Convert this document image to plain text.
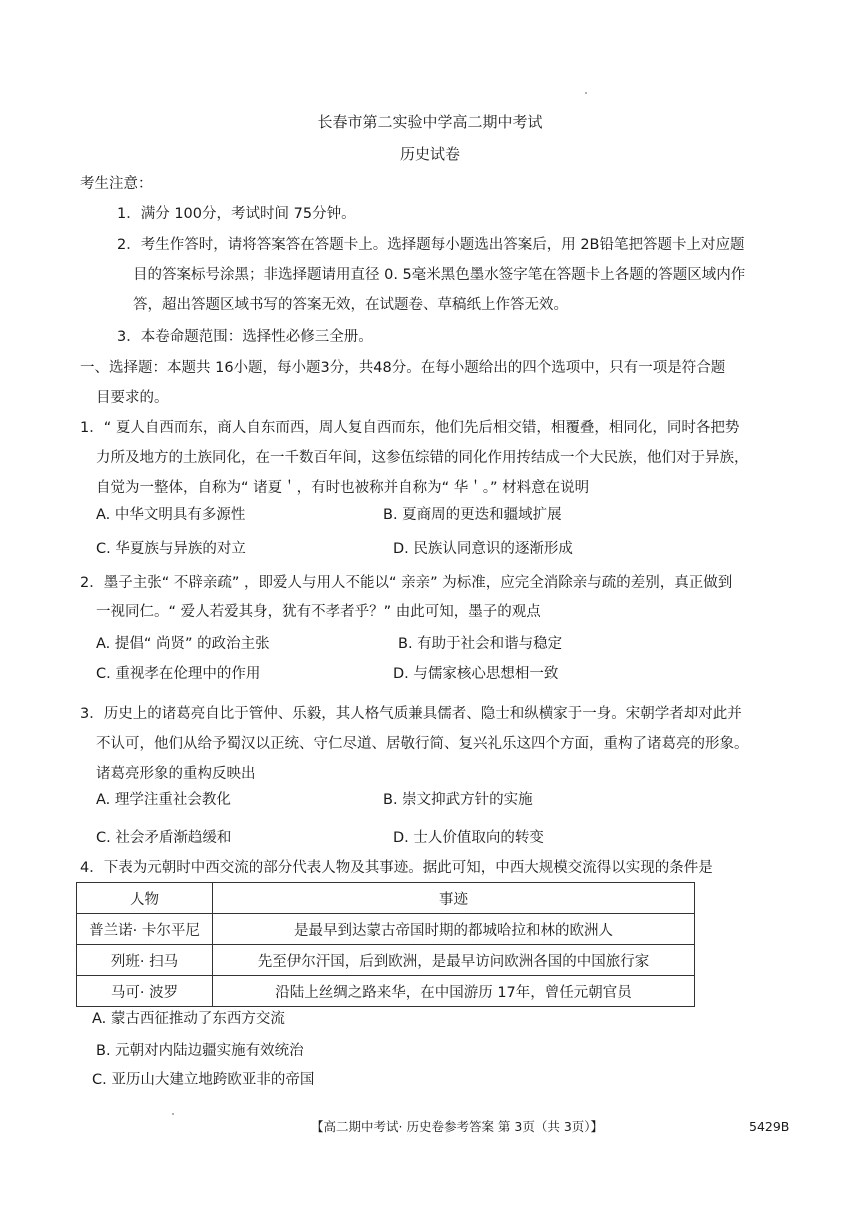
长春市第二实验中学高二期中考试
历史试卷
考生注意：
1．满分 100分，考试时间 75分钟。
2．考生作答时，请将答案答在答题卡上。选择题每小题选出答案后，用 2B铅笔把答题卡上对应题
目的答案标号涂黑；非选择题请用直径 0. 5毫米黑色墨水签字笔在答题卡上各题的答题区域内作
答，超出答题区域书写的答案无效，在试题卷、草稿纸上作答无效。
3．本卷命题范围：选择性必修三全册。
一、选择题：本题共 16小题，每小题3分，共48分。在每小题给出的四个选项中，只有一项是符合题
目要求的。
1．“ 夏人自西而东，商人自东而西，周人复自西而东，他们先后相交错，相覆叠，相同化，同时各把势
力所及地方的土族同化，在一千数百年间，这参伍综错的同化作用抟结成一个大民族，他们对于异族，
自觉为一整体，自称为“ 诸夏＇，有时也被称并自称为“ 华＇。” 材料意在说明
A. 中华文明具有多源性	B. 夏商周的更迭和疆域扩展
C. 华夏族与异族的对立	D. 民族认同意识的逐渐形成
2．墨子主张“ 不辟亲疏” ，即爱人与用人不能以“ 亲亲” 为标准，应完全消除亲与疏的差别，真正做到
一视同仁。“ 爱人若爱其身，犹有不孝者乎？” 由此可知，墨子的观点
A. 提倡“ 尚贤” 的政治主张	B. 有助于社会和谐与稳定
C. 重视孝在伦理中的作用	D. 与儒家核心思想相一致
3．历史上的诸葛亮自比于管仲、乐毅，其人格气质兼具儒者、隐士和纵横家于一身。宋朝学者却对此并
不认可，他们从给予蜀汉以正统、守仁尽道、居敬行简、复兴礼乐这四个方面，重构了诸葛亮的形象。
诸葛亮形象的重构反映出
A. 理学注重社会教化	B. 崇文抑武方针的实施
C. 社会矛盾渐趋缓和	D. 士人价值取向的转变
4．下表为元朝时中西交流的部分代表人物及其事迹。据此可知，中西大规模交流得以实现的条件是
人物	事迹
普兰诺· 卡尔平尼	是最早到达蒙古帝国时期的都城哈拉和林的欧洲人
列班· 扫马	先至伊尔汗国，后到欧洲，是最早访问欧洲各国的中国旅行家
马可· 波罗	沿陆上丝绸之路来华，在中国游历 17年，曾任元朝官员
A. 蒙古西征推动了东西方交流
B. 元朝对内陆边疆实施有效统治
C. 亚历山大建立地跨欧亚非的帝国
【高二期中考试· 历史卷参考答案 第 3页（共 3页）】	5429B
